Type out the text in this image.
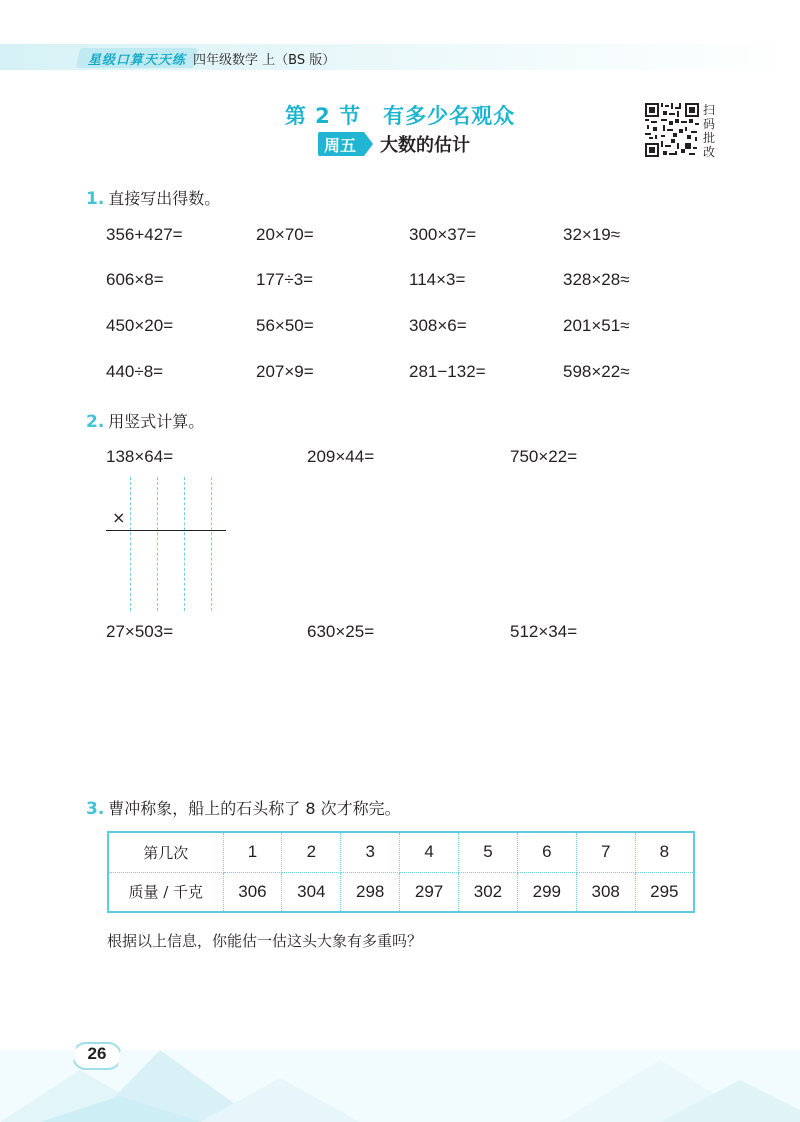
星级口算天天练 四年级数学 上（BS 版）
第 2 节　有多少名观众
周五	大数的估计
扫码批改
1. 直接写出得数。
356+427=	20×70=	300×37=	32×19≈
606×8=	177÷3=	114×3=	328×28≈
450×20=	56×50=	308×6=	201×51≈
440÷8=	207×9=	281−132=	598×22≈
2. 用竖式计算。
138×64=	209×44=	750×22=
×
27×503=	630×25=	512×34=
3. 曹冲称象，船上的石头称了 8 次才称完。
第几次	1	2	3	4	5	6	7	8
质量 / 千克	306	304	298	297	302	299	308	295
根据以上信息，你能估一估这头大象有多重吗？
26
